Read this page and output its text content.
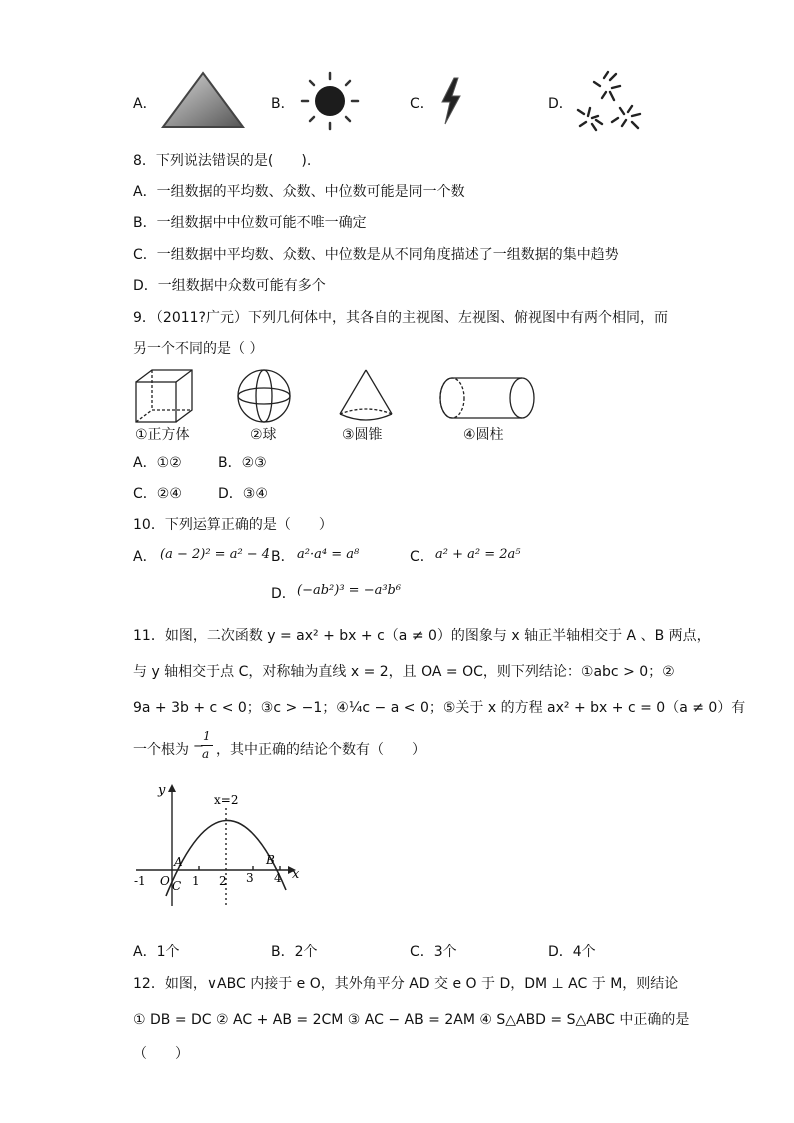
A．	B．	C．	D．
8．下列说法错误的是(　　).
A．一组数据的平均数、众数、中位数可能是同一个数
B．一组数据中中位数可能不唯一确定
C．一组数据中平均数、众数、中位数是从不同角度描述了一组数据的集中趋势
D．一组数据中众数可能有多个
9．（2011?广元）下列几何体中，其各自的主视图、左视图、俯视图中有两个相同，而
另一个不同的是（ ）
①正方体	②球	③圆锥	④圆柱
A．①②	B．②③
C．②④	D．③④
10．下列运算正确的是（　　）
A． (a − 2)² = a² − 4 B． a²·a⁴ = a⁸	C． a² + a² = 2a⁵
D． (−ab²)³ = −a³b⁶
11．如图，二次函数 y = ax² + bx + c（a ≠ 0）的图象与 x 轴正半轴相交于 A 、B 两点，
与 y 轴相交于点 C，对称轴为直线 x = 2，且 OA = OC，则下列结论：①abc > 0；②
9a + 3b + c < 0；③c > −1；④¼c − a < 0；⑤关于 x 的方程 ax² + bx + c = 0（a ≠ 0）有
一个根为 −
1
a ，其中正确的结论个数有（　　）
y
x
x=2
A	B
C
O
-1	1 2 3 4
A．1个	B．2个	C．3个	D．4个
12．如图，∨ABC 内接于 e O，其外角平分 AD 交 e O 于 D，DM ⊥ AC 于 M，则结论
① DB = DC ② AC + AB = 2CM ③ AC − AB = 2AM ④ S△ABD = S△ABC 中正确的是
（　　）
